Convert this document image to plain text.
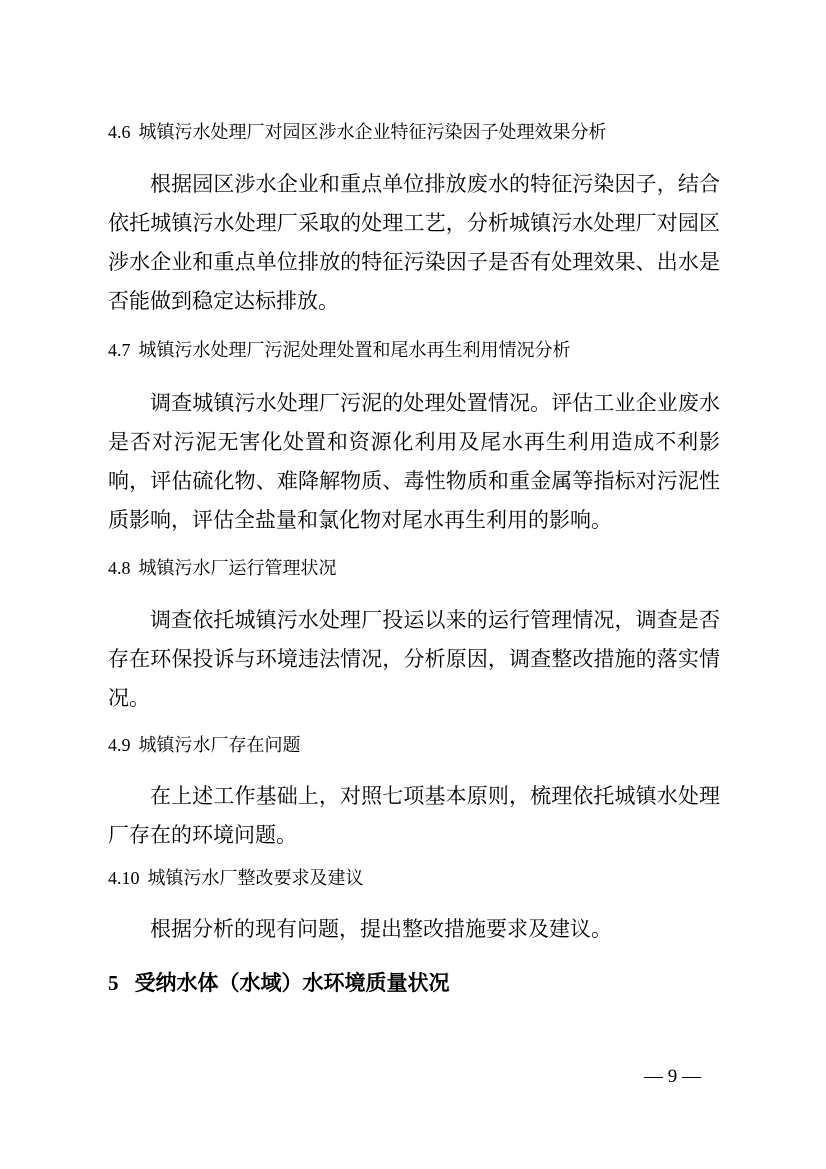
4.6 城镇污水处理厂对园区涉水企业特征污染因子处理效果分析

根据园区涉水企业和重点单位排放废水的特征污染因子，结合依托城镇污水处理厂采取的处理工艺，分析城镇污水处理厂对园区涉水企业和重点单位排放的特征污染因子是否有处理效果、出水是否能做到稳定达标排放。

4.7 城镇污水处理厂污泥处理处置和尾水再生利用情况分析

调查城镇污水处理厂污泥的处理处置情况。评估工业企业废水是否对污泥无害化处置和资源化利用及尾水再生利用造成不利影响，评估硫化物、难降解物质、毒性物质和重金属等指标对污泥性质影响，评估全盐量和氯化物对尾水再生利用的影响。

4.8 城镇污水厂运行管理状况

调查依托城镇污水处理厂投运以来的运行管理情况，调查是否存在环保投诉与环境违法情况，分析原因，调查整改措施的落实情况。

4.9 城镇污水厂存在问题

在上述工作基础上，对照七项基本原则，梳理依托城镇水处理厂存在的环境问题。

4.10 城镇污水厂整改要求及建议

根据分析的现有问题，提出整改措施要求及建议。

5 受纳水体（水域）水环境质量状况
— 9 —
